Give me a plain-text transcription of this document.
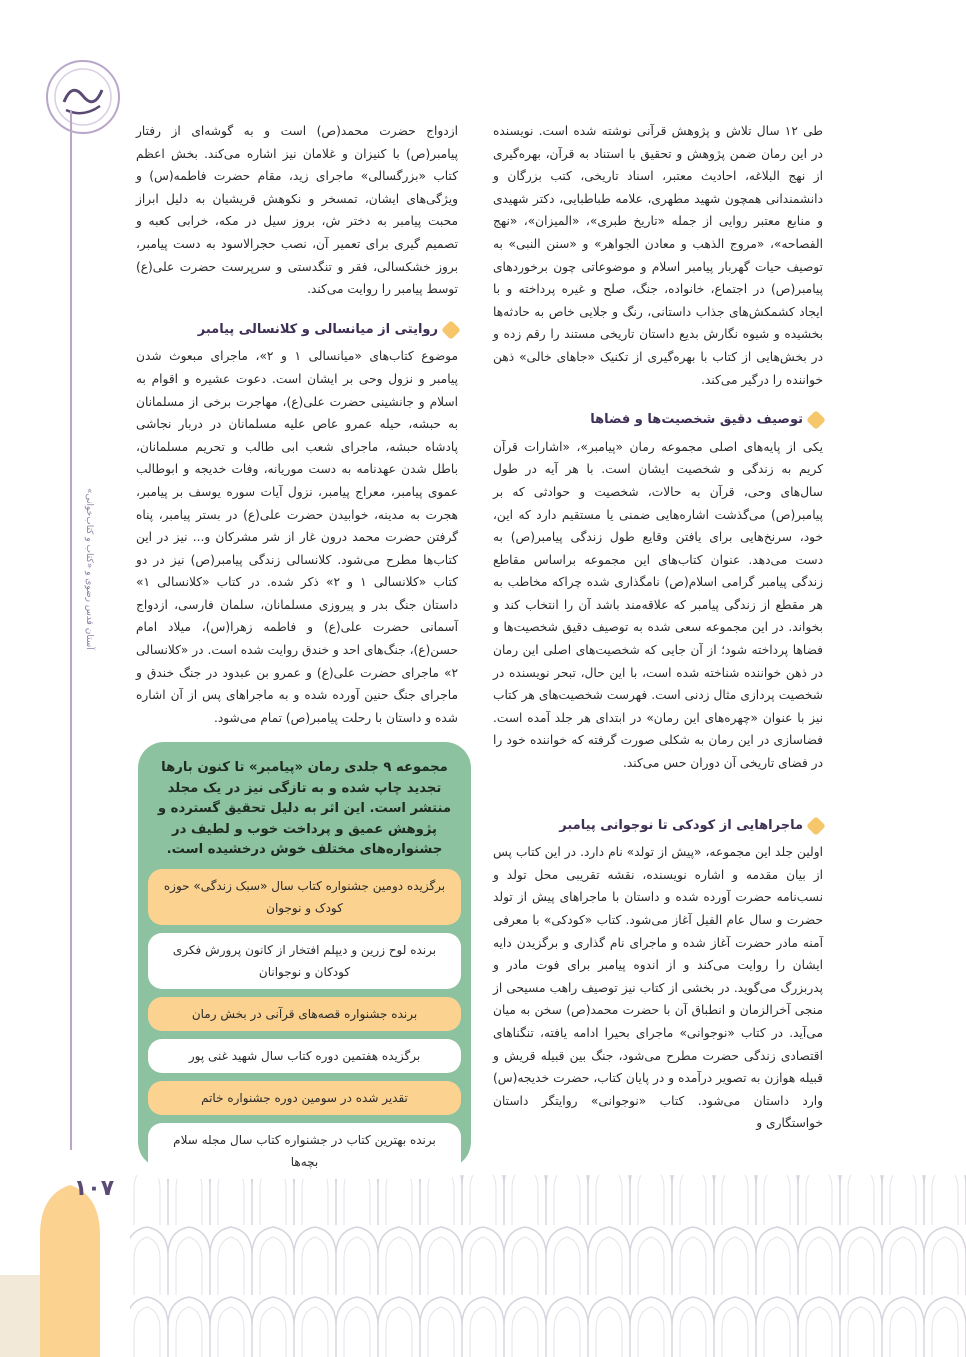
آستان قدس رضوی و «کتاب و کتاب‌خوانی»
۱۰۷

طی ۱۲ سال تلاش و پژوهش قرآنی نوشته شده است. نویسنده در این رمان ضمن پژوهش و تحقیق با استناد به قرآن، بهره‌گیری از نهج البلاغه، احادیث معتبر، اسناد تاریخی، کتب بزرگان و دانشمندانی همچون شهید مطهری، علامه طباطبایی، دکتر شهیدی و منابع معتبر روایی از جمله «تاریخ طبری»، «المیزان»، «نهج الفصاحه»، «مروج الذهب و معادن الجواهر» و «سنن النبی» به توصیف حیات گهربار پیامبر اسلام و موضوعاتی چون برخوردهای پیامبر(ص) در اجتماع، خانواده، جنگ، صلح و غیره پرداخته و با ایجاد کشمکش‌های جذاب داستانی، رنگ و جلایی خاص به حادثه‌ها بخشیده و شیوه نگارش بدیع داستان تاریخی مستند را رقم زده و در بخش‌هایی از کتاب با بهره‌گیری از تکنیک «جاهای خالی» ذهن خواننده را درگیر می‌کند.

توصیف دقیق شخصیت‌ها و فضاها

یکی از پایه‌های اصلی مجموعه رمان «پیامبر»، «اشارات قرآن کریم به زندگی و شخصیت ایشان است. با هر آیه در طول سال‌های وحی، قرآن به حالات، شخصیت و حوادثی که بر پیامبر(ص) می‌گذشت اشاره‌هایی ضمنی یا مستقیم دارد که این، خود، سرنخ‌هایی برای یافتن وقایع طول زندگی پیامبر(ص) به دست می‌دهد. عنوان کتاب‌های این مجموعه براساس مقاطع زندگی پیامبر گرامی اسلام(ص) نامگذاری شده چراکه مخاطب به هر مقطع از زندگی پیامبر که علاقه‌مند باشد آن را انتخاب کند و بخواند. در این مجموعه سعی شده به توصیف دقیق شخصیت‌ها و فضاها پرداخته شود؛ از آن جایی که شخصیت‌های اصلی این رمان در ذهن خواننده شناخته شده است، با این حال، تبحر نویسنده در شخصیت پردازی مثال زدنی است. فهرست شخصیت‌های هر کتاب نیز با عنوان «چهره‌های این رمان» در ابتدای هر جلد آمده است. فضاسازی در این رمان به شکلی صورت گرفته که خواننده خود را در فضای تاریخی آن دوران حس می‌کند.

ماجراهایی از کودکی تا نوجوانی پیامبر

اولین جلد این مجموعه، «پیش از تولد» نام دارد. در این کتاب پس از بیان مقدمه و اشاره نویسنده، نقشه تقریبی محل تولد و نسب‌نامه حضرت آورده شده و داستان با ماجراهای پیش از تولد حضرت و سال عام الفیل آغاز می‌شود. کتاب «کودکی» با معرفی آمنه مادر حضرت آغاز شده و ماجرای نام گذاری و برگزیدن دایه ایشان را روایت می‌کند و از اندوه پیامبر برای فوت مادر و پدربزرگ می‌گوید. در بخشی از کتاب نیز توصیف راهب مسیحی از منجی آخرالزمان و انطباق آن با حضرت محمد(ص) سخن به میان می‌آید. در کتاب «نوجوانی» ماجرای بحیرا ادامه یافته، تنگناهای اقتصادی زندگی حضرت مطرح می‌شود، جنگ بین قبیله قریش و قبیله هوازن به تصویر درآمده و در پایان کتاب، حضرت خدیجه(س) وارد داستان می‌شود. کتاب «نوجوانی» روایتگر داستان خواستگاری و

ازدواج حضرت محمد(ص) است و به گوشه‌ای از رفتار پیامبر(ص) با کنیزان و غلامان نیز اشاره می‌کند. بخش اعظم کتاب «بزرگسالی» ماجرای زید، مقام حضرت فاطمه(س) و ویژگی‌های ایشان، تمسخر و نکوهش قریشیان به دلیل ابراز محبت پیامبر به دختر ش، بروز سیل در مکه، خرابی کعبه و تصمیم گیری برای تعمیر آن، نصب حجرالاسود به دست پیامبر، بروز خشکسالی، فقر و تنگدستی و سرپرست حضرت علی(ع) توسط پیامبر را روایت می‌کند.

روایتی از میانسالی و کلانسالی پیامبر

موضوع کتاب‌های «میانسالی ۱ و ۲»، ماجرای مبعوث شدن پیامبر و نزول وحی بر ایشان است. دعوت عشیره و اقوام به اسلام و جانشینی حضرت علی(ع)، مهاجرت برخی از مسلمانان به حبشه، حیله عمرو عاص علیه مسلمانان در دربار نجاشی پادشاه حبشه، ماجرای شعب ابی طالب و تحریم مسلمانان، باطل شدن عهدنامه به دست موریانه، وفات خدیجه و ابوطالب عموی پیامبر، معراج پیامبر، نزول آیات سوره یوسف بر پیامبر، هجرت به مدینه، خوابیدن حضرت علی(ع) در بستر پیامبر، پناه گرفتن حضرت محمد درون غار از شر مشرکان و... نیز در این کتاب‌ها مطرح می‌شود. کلانسالی زندگی پیامبر(ص) نیز در دو کتاب «کلانسالی ۱ و ۲» ذکر شده. در کتاب «کلانسالی ۱» داستان جنگ بدر و پیروزی مسلمانان، سلمان فارسی، ازدواج آسمانی حضرت علی(ع) و فاطمه زهرا(س)، میلاد امام حسن(ع)، جنگ‌های احد و خندق روایت شده است. در «کلانسالی ۲» ماجرای حضرت علی(ع) و عمرو بن عبدود در جنگ خندق و ماجرای جنگ حنین آورده شده و به ماجراهای پس از آن اشاره شده و داستان با رحلت پیامبر(ص) تمام می‌شود.

مجموعه ۹ جلدی رمان «پیامبر» تا کنون بارها تجدید چاپ شده و به تازگی نیز در یک مجلد منتشر است. این اثر به دلیل تحقیق گسترده و پژوهش عمیق و پرداخت خوب و لطیف در جشنواره‌های مختلف خوش درخشیده است.
برگزیده دومین جشنواره کتاب سال «سبک زندگی» حوزه کودک و نوجوان
برنده لوح زرین و دیپلم افتخار از کانون پرورش فکری کودکان و نوجوانان
برنده جشنواره قصه‌های قرآنی در بخش رمان
برگزیده هفتمین دوره کتاب سال شهید غنی پور
تقدیر شده در سومین دوره جشنواره خاتم
برنده بهترین کتاب در جشنواره کتاب سال مجله سلام بچه‌ها
